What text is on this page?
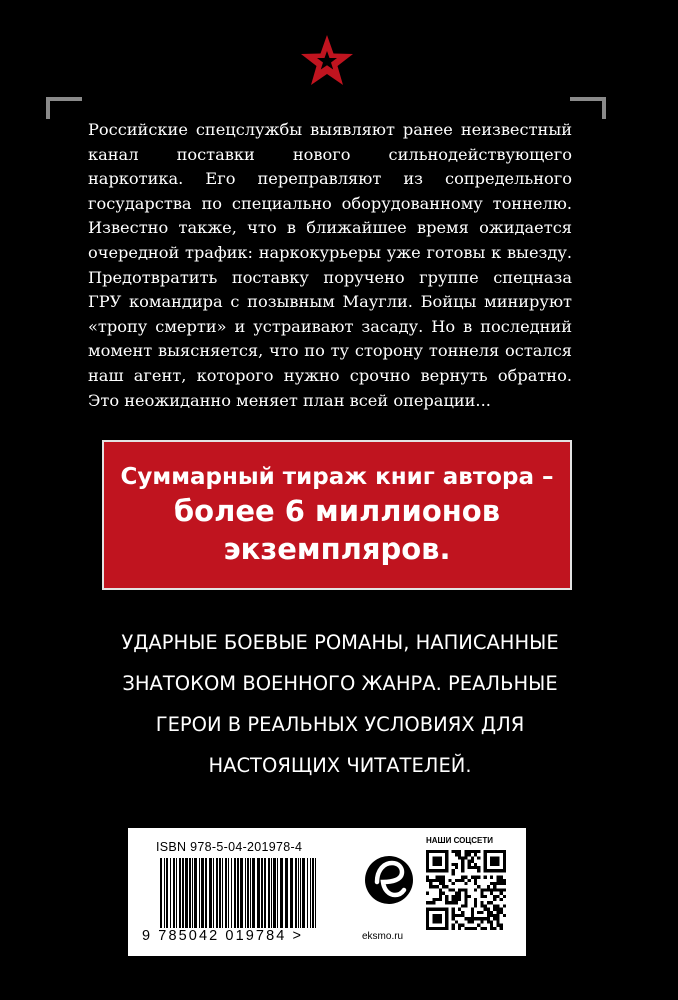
Российские спецслужбы выявляют ранее неизвестный канал поставки нового сильнодействующего наркотика. Его переправляют из сопредельного государства по специально оборудованному тоннелю. Известно также, что в ближайшее время ожидается очередной трафик: наркокурьеры уже готовы к выезду. Предотвратить поставку поручено группе спецназа ГРУ командира с позывным Маугли. Бойцы минируют «тропу смерти» и устраивают засаду. Но в последний момент выясняется, что по ту сторону тоннеля остался наш агент, которого нужно срочно вернуть обратно. Это неожиданно меняет план всей операции...

Суммарный тираж книг автора –
более 6 миллионов
экземпляров.
УДАРНЫЕ БОЕВЫЕ РОМАНЫ, НАПИСАННЫЕ
ЗНАТОКОМ ВОЕННОГО ЖАНРА. РЕАЛЬНЫЕ
ГЕРОИ В РЕАЛЬНЫХ УСЛОВИЯХ ДЛЯ
НАСТОЯЩИХ ЧИТАТЕЛЕЙ.
ISBN 978-5-04-201978-4
9 785042 019784 >	eksmo.ru
НАШИ СОЦСЕТИ
